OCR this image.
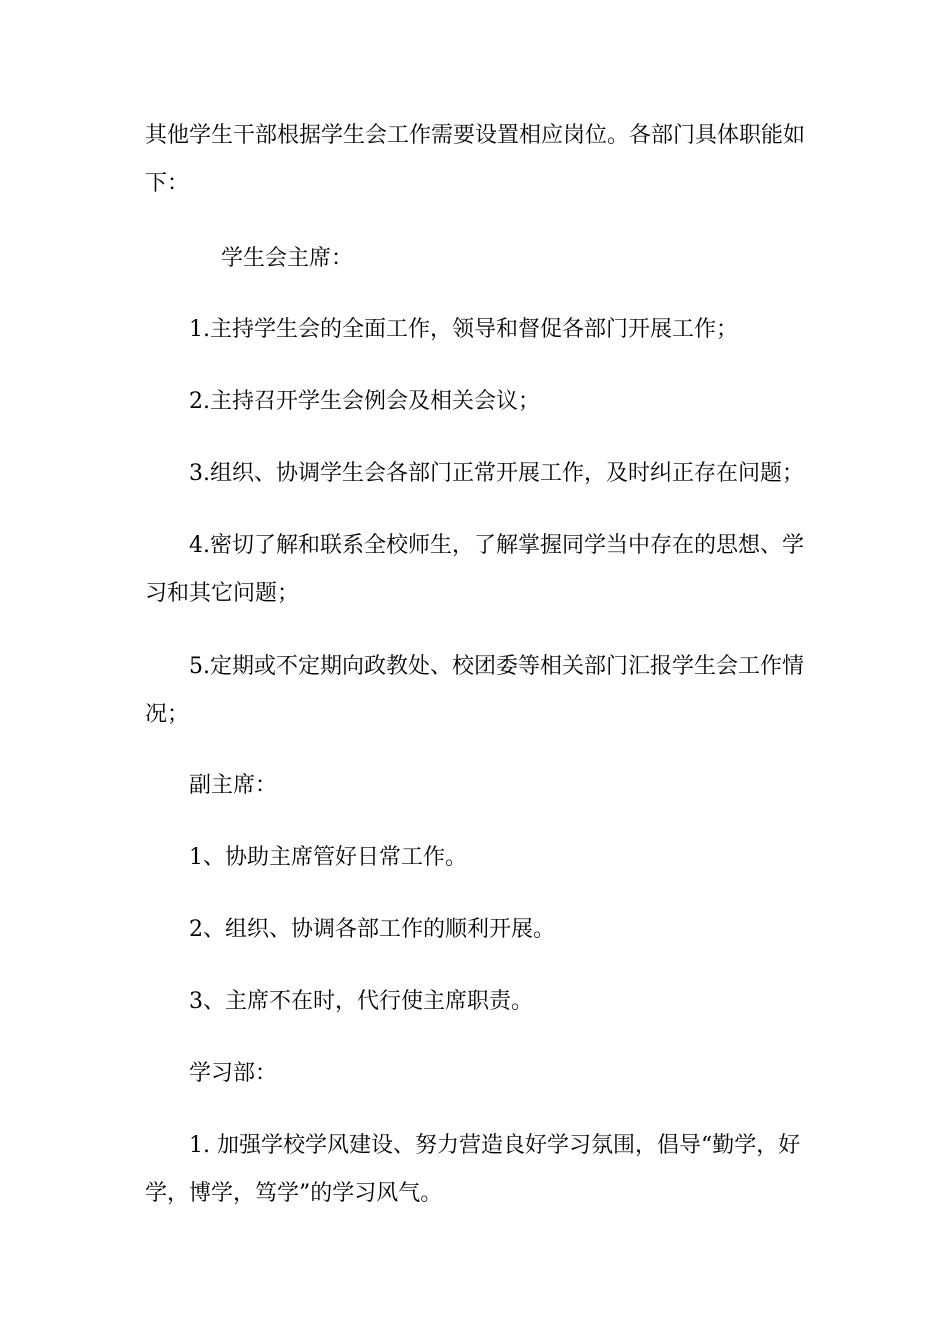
其他学生干部根据学生会工作需要设置相应岗位。各部门具体职能如下：

学生会主席：

1.主持学生会的全面工作，领导和督促各部门开展工作；

2.主持召开学生会例会及相关会议；

3.组织、协调学生会各部门正常开展工作，及时纠正存在问题；

4.密切了解和联系全校师生，了解掌握同学当中存在的思想、学习和其它问题；

5.定期或不定期向政教处、校团委等相关部门汇报学生会工作情况；

副主席：

1、协助主席管好日常工作。

2、组织、协调各部工作的顺利开展。

3、主席不在时，代行使主席职责。

学习部：

1. 加强学校学风建设、努力营造良好学习氛围，倡导“勤学，好学，博学，笃学”的学习风气。
